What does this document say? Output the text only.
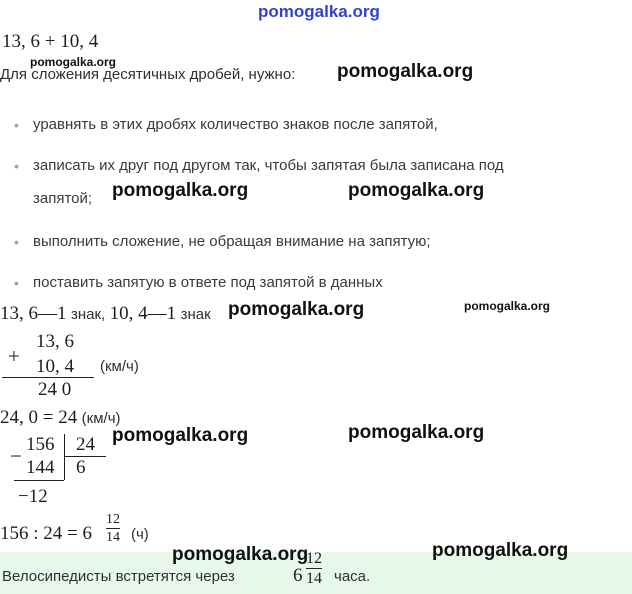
pomogalka.org
13, 6 + 10, 4
pomogalka.org
Для сложения десятичных дробей, нужно: pomogalka.org
• уравнять в этих дробях количество знаков после запятой,
• записать их друг под другом так, чтобы запятая была записана под
запятой;
• выполнить сложение, не обращая внимание на запятую;
• поставить запятую в ответе под запятой в данных
pomogalka.org	pomogalka.org
13, 6—1 знак, 10, 4—1 знак pomogalka.org	pomogalka.org
13, 6
+ 10, 4 (км/ч)
24 0
24, 0 = 24 (км/ч)
− 156 24
144 6
−12
pomogalka.org	pomogalka.org
156 : 24 = 6
12
14 (ч)
pomogalka.org	pomogalka.org
Велосипедисты встретятся через	6
12
14 часа.
